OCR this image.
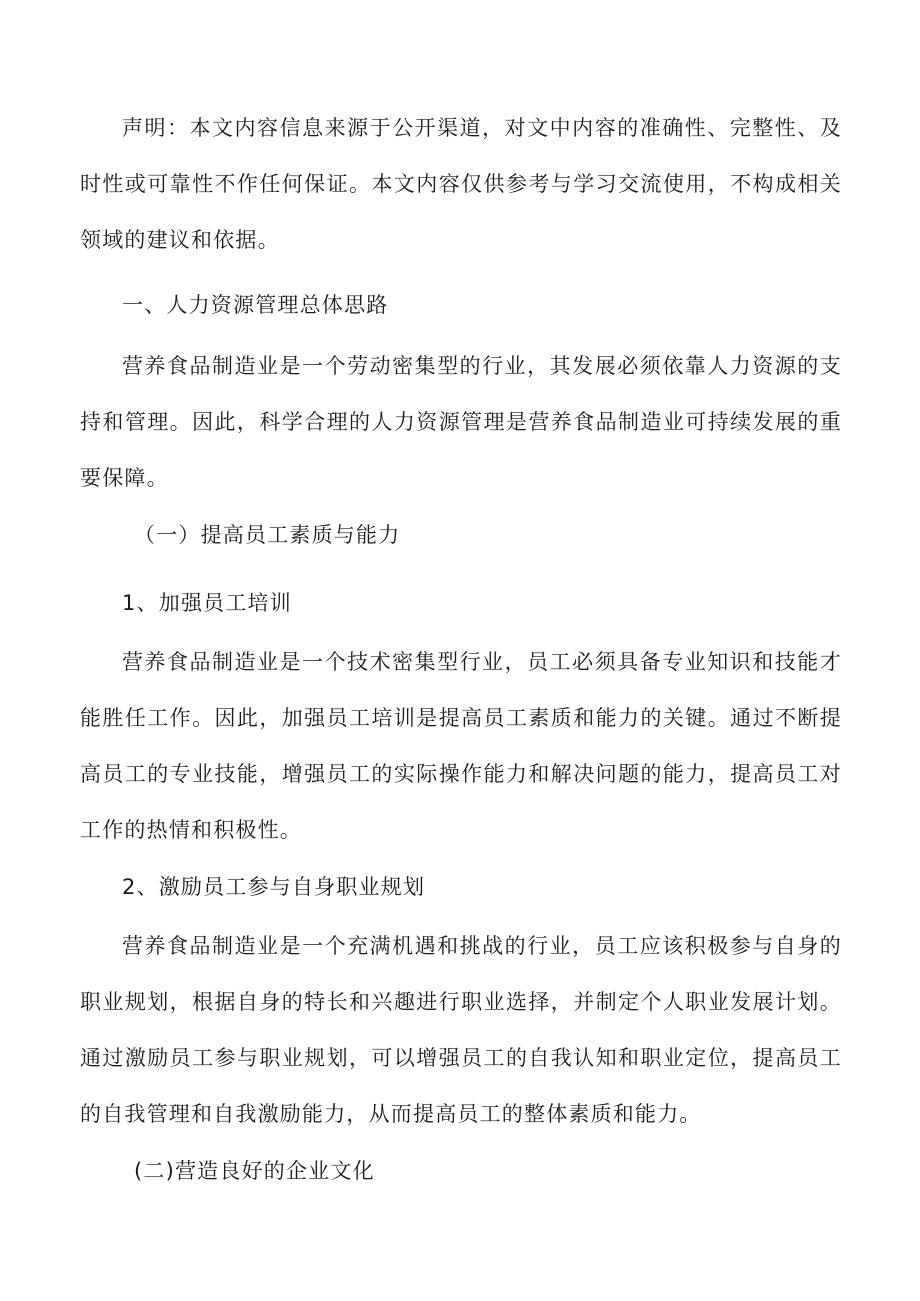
声明：本文内容信息来源于公开渠道，对文中内容的准确性、完整性、及时性或可靠性不作任何保证。本文内容仅供参考与学习交流使用，不构成相关领域的建议和依据。

一、人力资源管理总体思路

营养食品制造业是一个劳动密集型的行业，其发展必须依靠人力资源的支持和管理。因此，科学合理的人力资源管理是营养食品制造业可持续发展的重要保障。

（一）提高员工素质与能力
1、加强员工培训

营养食品制造业是一个技术密集型行业，员工必须具备专业知识和技能才能胜任工作。因此，加强员工培训是提高员工素质和能力的关键。通过不断提高员工的专业技能，增强员工的实际操作能力和解决问题的能力，提高员工对工作的热情和积极性。

2、激励员工参与自身职业规划

营养食品制造业是一个充满机遇和挑战的行业，员工应该积极参与自身的职业规划，根据自身的特长和兴趣进行职业选择，并制定个人职业发展计划。通过激励员工参与职业规划，可以增强员工的自我认知和职业定位，提高员工的自我管理和自我激励能力，从而提高员工的整体素质和能力。

(二)营造良好的企业文化
